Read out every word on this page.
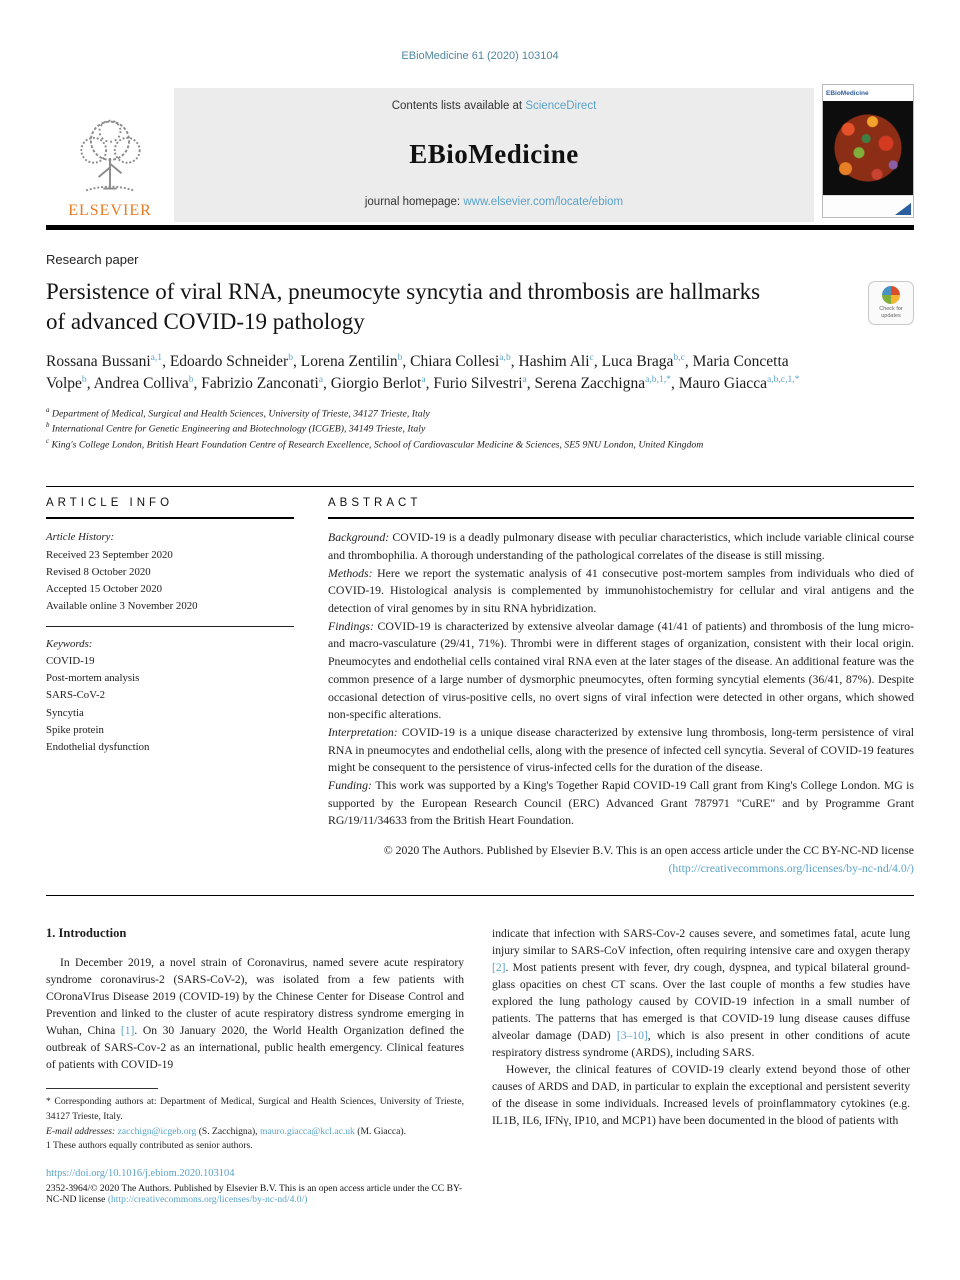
EBioMedicine 61 (2020) 103104
ELSEVIER
Contents lists available at ScienceDirect
EBioMedicine
journal homepage: www.elsevier.com/locate/ebiom
EBioMedicine
Research paper
Persistence of viral RNA, pneumocyte syncytia and thrombosis are hallmarks of advanced COVID-19 pathology	Check for updates
Rossana Bussani$^{a,1}$, Edoardo Schneider$^b$, Lorena Zentilin$^b$, Chiara Collesi$^{a,b}$, Hashim Ali$^c$, Luca Braga$^{b,c}$, Maria Concetta Volpe$^b$, Andrea Colliva$^b$, Fabrizio Zanconati$^a$, Giorgio Berlot$^a$, Furio Silvestri$^a$, Serena Zacchigna$^{a,b,1,*}$, Mauro Giacca$^{a,b,c,1,*}$
$^a$ Department of Medical, Surgical and Health Sciences, University of Trieste, 34127 Trieste, Italy
$^b$ International Centre for Genetic Engineering and Biotechnology (ICGEB), 34149 Trieste, Italy
$^c$ King's College London, British Heart Foundation Centre of Research Excellence, School of Cardiovascular Medicine & Sciences, SE5 9NU London, United Kingdom
ARTICLE INFO
Article History:
Received 23 September 2020
Revised 8 October 2020
Accepted 15 October 2020
Available online 3 November 2020
Keywords:
COVID-19
Post-mortem analysis
SARS-CoV-2
Syncytia
Spike protein
Endothelial dysfunction
ABSTRACT

Background: COVID-19 is a deadly pulmonary disease with peculiar characteristics, which include variable clinical course and thrombophilia. A thorough understanding of the pathological correlates of the disease is still missing.

Methods: Here we report the systematic analysis of 41 consecutive post-mortem samples from individuals who died of COVID-19. Histological analysis is complemented by immunohistochemistry for cellular and viral antigens and the detection of viral genomes by in situ RNA hybridization.

Findings: COVID-19 is characterized by extensive alveolar damage (41/41 of patients) and thrombosis of the lung micro- and macro-vasculature (29/41, 71%). Thrombi were in different stages of organization, consistent with their local origin. Pneumocytes and endothelial cells contained viral RNA even at the later stages of the disease. An additional feature was the common presence of a large number of dysmorphic pneumocytes, often forming syncytial elements (36/41, 87%). Despite occasional detection of virus-positive cells, no overt signs of viral infection were detected in other organs, which showed non-specific alterations.

Interpretation: COVID-19 is a unique disease characterized by extensive lung thrombosis, long-term persistence of viral RNA in pneumocytes and endothelial cells, along with the presence of infected cell syncytia. Several of COVID-19 features might be consequent to the persistence of virus-infected cells for the duration of the disease.

Funding: This work was supported by a King's Together Rapid COVID-19 Call grant from King's College London. MG is supported by the European Research Council (ERC) Advanced Grant 787971 "CuRE" and by Programme Grant RG/19/11/34633 from the British Heart Foundation.

© 2020 The Authors. Published by Elsevier B.V. This is an open access article under the CC BY-NC-ND license
(http://creativecommons.org/licenses/by-nc-nd/4.0/)
1. Introduction

In December 2019, a novel strain of Coronavirus, named severe acute respiratory syndrome coronavirus-2 (SARS-CoV-2), was isolated from a few patients with COronaVIrus Disease 2019 (COVID-19) by the Chinese Center for Disease Control and Prevention and linked to the cluster of acute respiratory distress syndrome emerging in Wuhan, China [1]. On 30 January 2020, the World Health Organization defined the outbreak of SARS-Cov-2 as an international, public health emergency. Clinical features of patients with COVID-19

* Corresponding authors at: Department of Medical, Surgical and Health Sciences, University of Trieste, 34127 Trieste, Italy.
E-mail addresses: zacchign@icgeb.org (S. Zacchigna), mauro.giacca@kcl.ac.uk (M. Giacca).
1 These authors equally contributed as senior authors.
https://doi.org/10.1016/j.ebiom.2020.103104
2352-3964/© 2020 The Authors. Published by Elsevier B.V. This is an open access article under the CC BY-NC-ND license (http://creativecommons.org/licenses/by-nc-nd/4.0/)

indicate that infection with SARS-Cov-2 causes severe, and sometimes fatal, acute lung injury similar to SARS-CoV infection, often requiring intensive care and oxygen therapy [2]. Most patients present with fever, dry cough, dyspnea, and typical bilateral ground-glass opacities on chest CT scans. Over the last couple of months a few studies have explored the lung pathology caused by COVID-19 infection in a small number of patients. The patterns that has emerged is that COVID-19 lung disease causes diffuse alveolar damage (DAD) [3–10], which is also present in other conditions of acute respiratory distress syndrome (ARDS), including SARS.

However, the clinical features of COVID-19 clearly extend beyond those of other causes of ARDS and DAD, in particular to explain the exceptional and persistent severity of the disease in some individuals. Increased levels of proinflammatory cytokines (e.g. IL1B, IL6, IFNγ, IP10, and MCP1) have been documented in the blood of patients with
